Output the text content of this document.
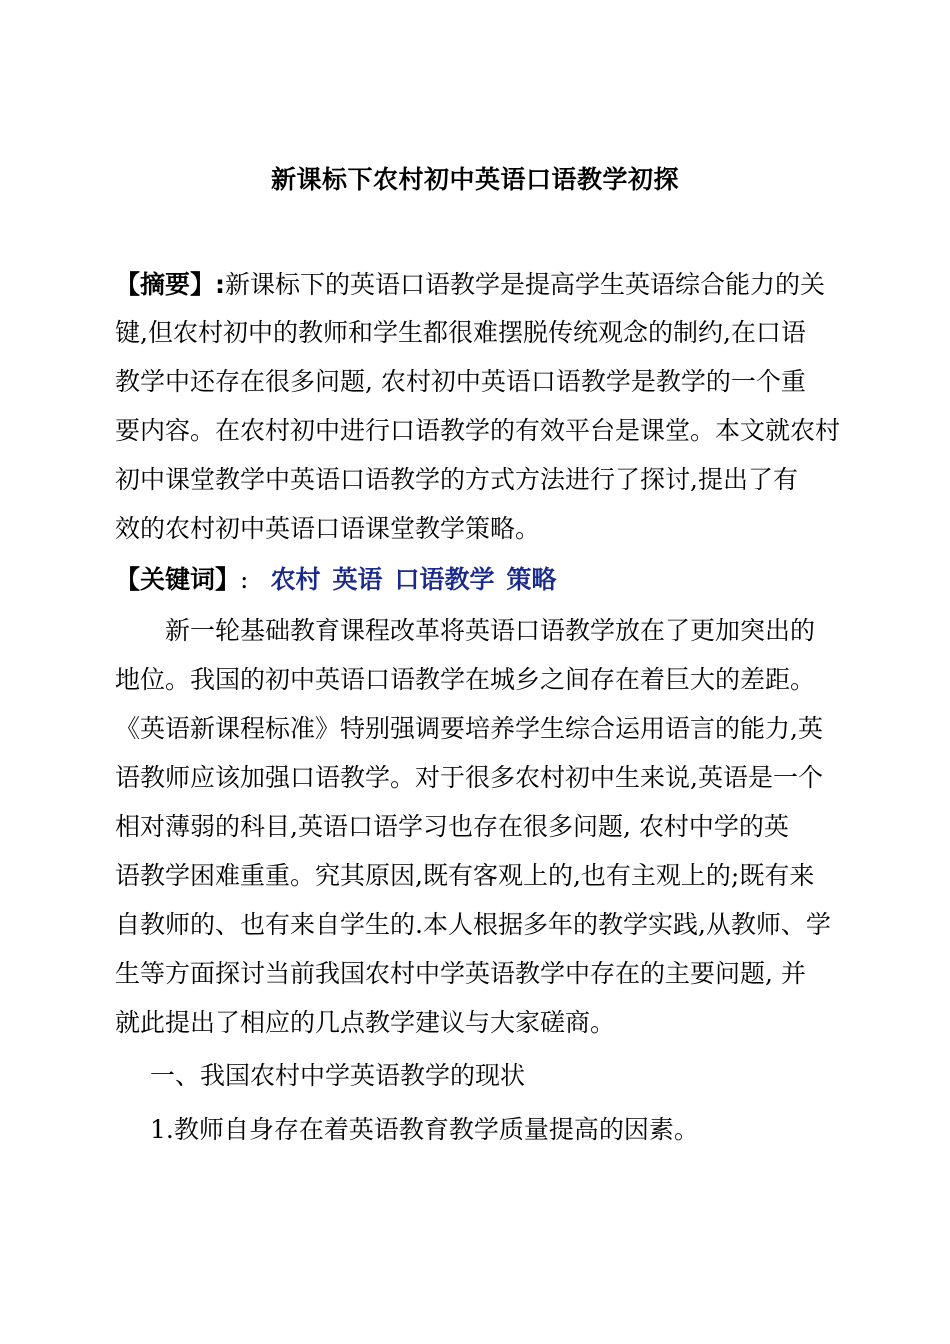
新课标下农村初中英语口语教学初探
【摘要】:新课标下的英语口语教学是提高学生英语综合能力的关
键,但农村初中的教师和学生都很难摆脱传统观念的制约,在口语
教学中还存在很多问题, 农村初中英语口语教学是教学的一个重
要内容。在农村初中进行口语教学的有效平台是课堂。本文就农村
初中课堂教学中英语口语教学的方式方法进行了探讨,提出了有
效的农村初中英语口语课堂教学策略。
【关键词】: 农村 英语 口语教学 策略
新一轮基础教育课程改革将英语口语教学放在了更加突出的
地位。我国的初中英语口语教学在城乡之间存在着巨大的差距。
《英语新课程标准》特别强调要培养学生综合运用语言的能力,英
语教师应该加强口语教学。对于很多农村初中生来说,英语是一个
相对薄弱的科目,英语口语学习也存在很多问题, 农村中学的英
语教学困难重重。究其原因,既有客观上的,也有主观上的;既有来
自教师的、也有来自学生的.本人根据多年的教学实践,从教师、学
生等方面探讨当前我国农村中学英语教学中存在的主要问题, 并
就此提出了相应的几点教学建议与大家磋商。
一、我国农村中学英语教学的现状
1.教师自身存在着英语教育教学质量提高的因素。
